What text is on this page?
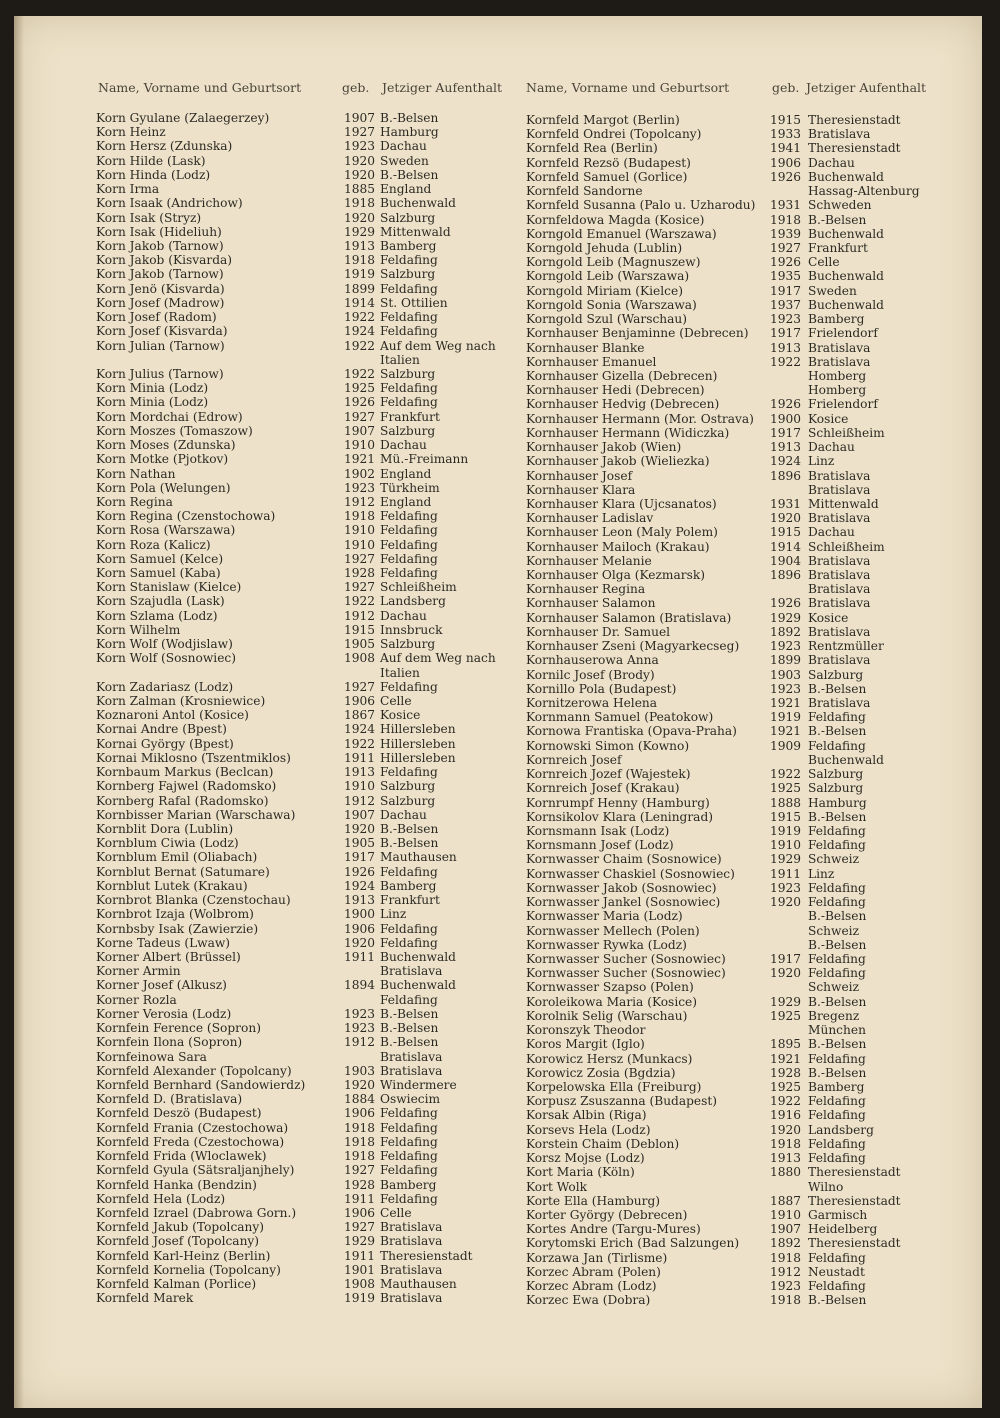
Name, Vorname und Geburtsort	geb. Jetziger Aufenthalt Name, Vorname und Geburtsort	geb. Jetziger Aufenthalt
Korn Gyulane (Zalaegerzey)	1907 B.-Belsen
Korn Heinz	1927 Hamburg
Korn Hersz (Zdunska)	1923 Dachau
Korn Hilde (Lask)	1920 Sweden
Korn Hinda (Lodz)	1920 B.-Belsen
Korn Irma	1885 England
Korn Isaak (Andrichow)	1918 Buchenwald
Korn Isak (Stryz)	1920 Salzburg
Korn Isak (Hideliuh)	1929 Mittenwald
Korn Jakob (Tarnow)	1913 Bamberg
Korn Jakob (Kisvarda)	1918 Feldafing
Korn Jakob (Tarnow)	1919 Salzburg
Korn Jenö (Kisvarda)	1899 Feldafing
Korn Josef (Madrow)	1914 St. Ottilien
Korn Josef (Radom)	1922 Feldafing
Korn Josef (Kisvarda)	1924 Feldafing
Korn Julian (Tarnow)	1922 Auf dem Weg nach
Italien
Korn Julius (Tarnow)	1922 Salzburg
Korn Minia (Lodz)	1925 Feldafing
Korn Minia (Lodz)	1926 Feldafing
Korn Mordchai (Edrow)	1927 Frankfurt
Korn Moszes (Tomaszow)	1907 Salzburg
Korn Moses (Zdunska)	1910 Dachau
Korn Motke (Pjotkov)	1921 Mü.-Freimann
Korn Nathan	1902 England
Korn Pola (Welungen)	1923 Türkheim
Korn Regina	1912 England
Korn Regina (Czenstochowa)	1918 Feldafing
Korn Rosa (Warszawa)	1910 Feldafing
Korn Roza (Kalicz)	1910 Feldafing
Korn Samuel (Kelce)	1927 Feldafing
Korn Samuel (Kaba)	1928 Feldafing
Korn Stanislaw (Kielce)	1927 Schleißheim
Korn Szajudla (Lask)	1922 Landsberg
Korn Szlama (Lodz)	1912 Dachau
Korn Wilhelm	1915 Innsbruck
Korn Wolf (Wodjislaw)	1905 Salzburg
Korn Wolf (Sosnowiec)	1908 Auf dem Weg nach
Italien
Korn Zadariasz (Lodz)	1927 Feldafing
Korn Zalman (Krosniewice)	1906 Celle
Koznaroni Antol (Kosice)	1867 Kosice
Kornai Andre (Bpest)	1924 Hillersleben
Kornai György (Bpest)	1922 Hillersleben
Kornai Miklosno (Tszentmiklos)	1911 Hillersleben
Kornbaum Markus (Beclcan)	1913 Feldafing
Kornberg Fajwel (Radomsko)	1910 Salzburg
Kornberg Rafal (Radomsko)	1912 Salzburg
Kornbisser Marian (Warschawa)	1907 Dachau
Kornblit Dora (Lublin)	1920 B.-Belsen
Kornblum Ciwia (Lodz)	1905 B.-Belsen
Kornblum Emil (Oliabach)	1917 Mauthausen
Kornblut Bernat (Satumare)	1926 Feldafing
Kornblut Lutek (Krakau)	1924 Bamberg
Kornbrot Blanka (Czenstochau)	1913 Frankfurt
Kornbrot Izaja (Wolbrom)	1900 Linz
Kornbsby Isak (Zawierzie)	1906 Feldafing
Korne Tadeus (Lwaw)	1920 Feldafing
Korner Albert (Brüssel)	1911 Buchenwald
Korner Armin	Bratislava
Korner Josef (Alkusz)	1894 Buchenwald
Korner Rozla	Feldafing
Korner Verosia (Lodz)	1923 B.-Belsen
Kornfein Ference (Sopron)	1923 B.-Belsen
Kornfein Ilona (Sopron)	1912 B.-Belsen
Kornfeinowa Sara	Bratislava
Kornfeld Alexander (Topolcany)	1903 Bratislava
Kornfeld Bernhard (Sandowierdz)	1920 Windermere
Kornfeld D. (Bratislava)	1884 Oswiecim
Kornfeld Deszö (Budapest)	1906 Feldafing
Kornfeld Frania (Czestochowa)	1918 Feldafing
Kornfeld Freda (Czestochowa)	1918 Feldafing
Kornfeld Frida (Wloclawek)	1918 Feldafing
Kornfeld Gyula (Sätsraljanjhely)	1927 Feldafing
Kornfeld Hanka (Bendzin)	1928 Bamberg
Kornfeld Hela (Lodz)	1911 Feldafing
Kornfeld Izrael (Dabrowa Gorn.)	1906 Celle
Kornfeld Jakub (Topolcany)	1927 Bratislava
Kornfeld Josef (Topolcany)	1929 Bratislava
Kornfeld Karl-Heinz (Berlin)	1911 Theresienstadt
Kornfeld Kornelia (Topolcany)	1901 Bratislava
Kornfeld Kalman (Porlice)	1908 Mauthausen
Kornfeld Marek	1919 Bratislava
Kornfeld Margot (Berlin)	1915 Theresienstadt
Kornfeld Ondrei (Topolcany)	1933 Bratislava
Kornfeld Rea (Berlin)	1941 Theresienstadt
Kornfeld Rezsö (Budapest)	1906 Dachau
Kornfeld Samuel (Gorlice)	1926 Buchenwald
Kornfeld Sandorne	Hassag-Altenburg
Kornfeld Susanna (Palo u. Uzharodu) 1931 Schweden
Kornfeldowa Magda (Kosice)	1918 B.-Belsen
Korngold Emanuel (Warszawa)	1939 Buchenwald
Korngold Jehuda (Lublin)	1927 Frankfurt
Korngold Leib (Magnuszew)	1926 Celle
Korngold Leib (Warszawa)	1935 Buchenwald
Korngold Miriam (Kielce)	1917 Sweden
Korngold Sonia (Warszawa)	1937 Buchenwald
Korngold Szul (Warschau)	1923 Bamberg
Kornhauser Benjaminne (Debrecen) 1917 Frielendorf
Kornhauser Blanke	1913 Bratislava
Kornhauser Emanuel	1922 Bratislava
Kornhauser Gizella (Debrecen)	Homberg
Kornhauser Hedi (Debrecen)	Homberg
Kornhauser Hedvig (Debrecen)	1926 Frielendorf
Kornhauser Hermann (Mor. Ostrava) 1900 Kosice
Kornhauser Hermann (Widiczka)	1917 Schleißheim
Kornhauser Jakob (Wien)	1913 Dachau
Kornhauser Jakob (Wieliezka)	1924 Linz
Kornhauser Josef	1896 Bratislava
Kornhauser Klara	Bratislava
Kornhauser Klara (Ujcsanatos)	1931 Mittenwald
Kornhauser Ladislav	1920 Bratislava
Kornhauser Leon (Maly Polem)	1915 Dachau
Kornhauser Mailoch (Krakau)	1914 Schleißheim
Kornhauser Melanie	1904 Bratislava
Kornhauser Olga (Kezmarsk)	1896 Bratislava
Kornhauser Regina	Bratislava
Kornhauser Salamon	1926 Bratislava
Kornhauser Salamon (Bratislava)	1929 Kosice
Kornhauser Dr. Samuel	1892 Bratislava
Kornhauser Zseni (Magyarkecseg)	1923 Rentzmüller
Kornhauserowa Anna	1899 Bratislava
Kornilc Josef (Brody)	1903 Salzburg
Kornillo Pola (Budapest)	1923 B.-Belsen
Kornitzerowa Helena	1921 Bratislava
Kornmann Samuel (Peatokow)	1919 Feldafing
Kornowa Frantiska (Opava-Praha)	1921 B.-Belsen
Kornowski Simon (Kowno)	1909 Feldafing
Kornreich Josef	Buchenwald
Kornreich Jozef (Wajestek)	1922 Salzburg
Kornreich Josef (Krakau)	1925 Salzburg
Kornrumpf Henny (Hamburg)	1888 Hamburg
Kornsikolov Klara (Leningrad)	1915 B.-Belsen
Kornsmann Isak (Lodz)	1919 Feldafing
Kornsmann Josef (Lodz)	1910 Feldafing
Kornwasser Chaim (Sosnowice)	1929 Schweiz
Kornwasser Chaskiel (Sosnowiec)	1911 Linz
Kornwasser Jakob (Sosnowiec)	1923 Feldafing
Kornwasser Jankel (Sosnowiec)	1920 Feldafing
Kornwasser Maria (Lodz)	B.-Belsen
Kornwasser Mellech (Polen)	Schweiz
Kornwasser Rywka (Lodz)	B.-Belsen
Kornwasser Sucher (Sosnowiec)	1917 Feldafing
Kornwasser Sucher (Sosnowiec)	1920 Feldafing
Kornwasser Szapso (Polen)	Schweiz
Koroleikowa Maria (Kosice)	1929 B.-Belsen
Korolnik Selig (Warschau)	1925 Bregenz
Koronszyk Theodor	München
Koros Margit (Iglo)	1895 B.-Belsen
Korowicz Hersz (Munkacs)	1921 Feldafing
Korowicz Zosia (Bgdzia)	1928 B.-Belsen
Korpelowska Ella (Freiburg)	1925 Bamberg
Korpusz Zsuszanna (Budapest)	1922 Feldafing
Korsak Albin (Riga)	1916 Feldafing
Korsevs Hela (Lodz)	1920 Landsberg
Korstein Chaim (Deblon)	1918 Feldafing
Korsz Mojse (Lodz)	1913 Feldafing
Kort Maria (Köln)	1880 Theresienstadt
Kort Wolk	Wilno
Korte Ella (Hamburg)	1887 Theresienstadt
Korter György (Debrecen)	1910 Garmisch
Kortes Andre (Targu-Mures)	1907 Heidelberg
Korytomski Erich (Bad Salzungen)	1892 Theresienstadt
Korzawa Jan (Tirlisme)	1918 Feldafing
Korzec Abram (Polen)	1912 Neustadt
Korzec Abram (Lodz)	1923 Feldafing
Korzec Ewa (Dobra)	1918 B.-Belsen
